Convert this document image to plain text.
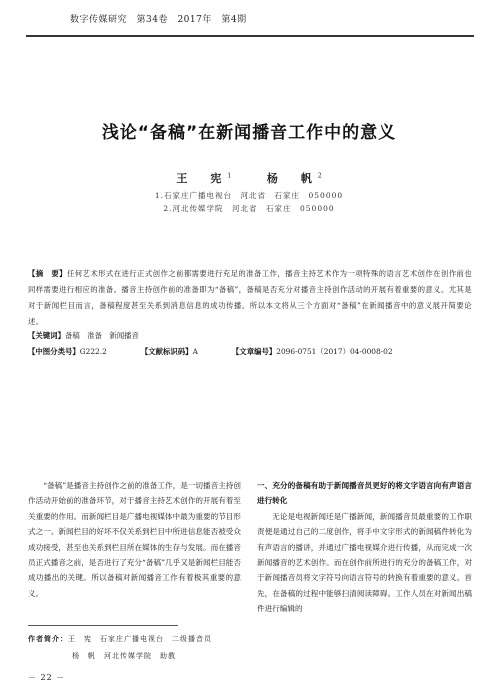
数字传媒研究　第34卷　2017年　第4期
浅论“备稿”在新闻播音工作中的意义
王　宪$^1$	杨　帆$^2$
1.石家庄广播电视台　河北省　石家庄　050000
2.河北传媒学院　河北省　石家庄　050000
【摘　要】任何艺术形式在进行正式创作之前都需要进行充足的准备工作，播音主持艺术作为一项特殊的语言艺术创作在创作前也同样需要进行相应的准备。播音主持创作前的准备即为“备稿”，备稿是否充分对播音主持创作活动的开展有着重要的意义。尤其是对于新闻栏目而言，备稿程度甚至关系到消息信息的成功传播。所以本文将从三个方面对“备稿”在新闻播音中的意义展开简要论述。
【关键词】备稿　准备　新闻播音
【中图分类号】G222.2	【文献标识码】A	【文章编号】2096-0751（2017）04-0008-02
“备稿”是播音主持创作之前的准备工作，是一切播音主持创作活动开始前的准备环节，对于播音主持艺术创作的开展有着至关重要的作用。而新闻栏目是广播电视媒体中最为重要的节目形式之一。新闻栏目的好坏不仅关系到栏目中所进信息能否被受众成功接受，甚至也关系到栏目所在媒体的生存与发展。而在播音员正式播音之前，是否进行了充分“备稿”几乎又是新闻栏目能否成功播出的关键。所以备稿对新闻播音工作有着极其重要的意义。
一、充分的备稿有助于新闻播音员更好的将文字语言向有声语言进行转化
无论是电视新闻还是广播新闻，新闻播音员最重要的工作职责便是通过自己的二度创作，将手中文字形式的新闻稿件转化为有声语言的播讲，并通过广播电视媒介进行传播，从而完成一次新闻播音的艺术创作。而在创作前所进行的充分的备稿工作，对于新闻播音员将文字符号向语言符号的转换有着重要的意义。首先，在备稿的过程中能够扫清阅读障碍。工作人员在对新闻出稿件进行编辑的
作者简介：王　宪　石家庄广播电视台　二级播音员
杨　帆　河北传媒学院　助教
－ 22 －
